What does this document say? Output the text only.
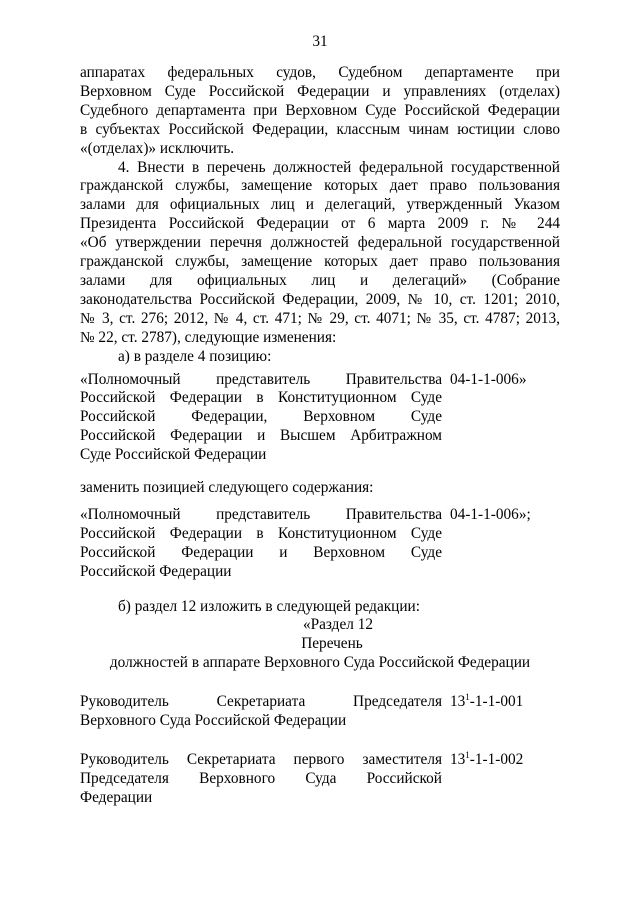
31
аппаратах федеральных судов, Судебном департаменте при
Верховном Суде Российской Федерации и управлениях (отделах)
Судебного департамента при Верховном Суде Российской Федерации
в субъектах Российской Федерации, классным чинам юстиции слово
«(отделах)» исключить.
4. Внести в перечень должностей федеральной государственной
гражданской службы, замещение которых дает право пользования
залами для официальных лиц и делегаций, утвержденный Указом
Президента Российской Федерации от 6 марта 2009 г. № 244
«Об утверждении перечня должностей федеральной государственной
гражданской службы, замещение которых дает право пользования
залами для официальных лиц и делегаций» (Собрание
законодательства Российской Федерации, 2009, № 10, ст. 1201; 2010,
№ 3, ст. 276; 2012, № 4, ст. 471; № 29, ст. 4071; № 35, ст. 4787; 2013,
№ 22, ст. 2787), следующие изменения:

а) в разделе 4 позицию:

«Полномочный представитель Правительства
Российской Федерации в Конституционном Суде
Российской Федерации, Верховном Суде
Российской Федерации и Высшем Арбитражном
Суде Российской Федерации
04-1-1-006»

заменить позицией следующего содержания:

«Полномочный представитель Правительства
Российской Федерации в Конституционном Суде
Российской Федерации и Верховном Суде
Российской Федерации
04-1-1-006»;

б) раздел 12 изложить в следующей редакции:

«Раздел 12

Перечень

должностей в аппарате Верховного Суда Российской Федерации

Руководитель Секретариата Председателя
Верховного Суда Российской Федерации
$13^1-1-1-001$
Руководитель Секретариата первого заместителя
Председателя Верховного Суда Российской
Федерации
$13^1-1-1-002$
